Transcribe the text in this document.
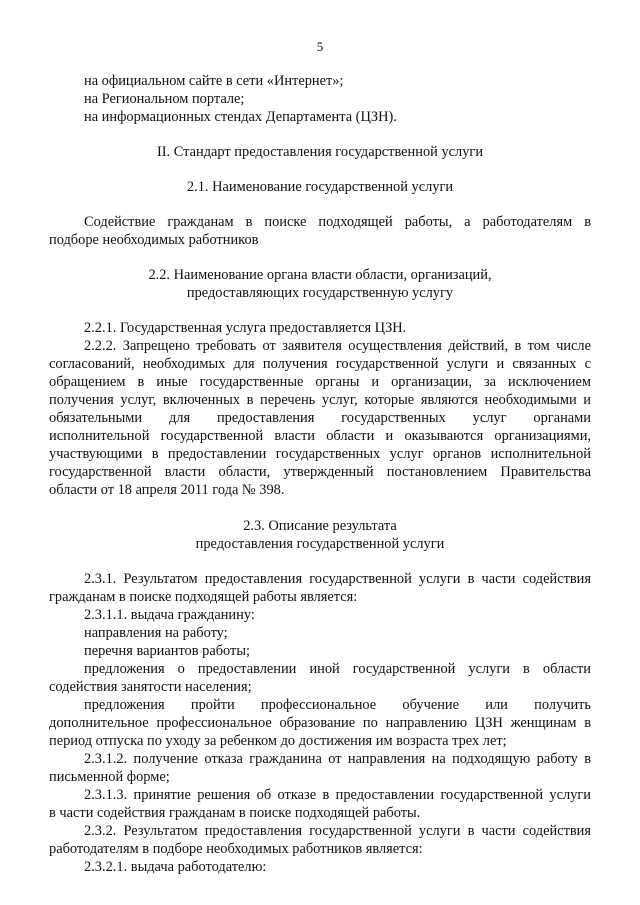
5
на официальном сайте в сети «Интернет»;
на Региональном портале;
на информационных стендах Департамента (ЦЗН).
II. Стандарт предоставления государственной услуги
2.1. Наименование государственной услуги
Содействие гражданам в поиске подходящей работы, а работодателям в
подборе необходимых работников
2.2. Наименование органа власти области, организаций,
предоставляющих государственную услугу
2.2.1. Государственная услуга предоставляется ЦЗН.
2.2.2. Запрещено требовать от заявителя осуществления действий, в том числе
согласований, необходимых для получения государственной услуги и связанных с
обращением в иные государственные органы и организации, за исключением
получения услуг, включенных в перечень услуг, которые являются необходимыми и
обязательными для предоставления государственных услуг органами
исполнительной государственной власти области и оказываются организациями,
участвующими в предоставлении государственных услуг органов исполнительной
государственной власти области, утвержденный постановлением Правительства
области от 18 апреля 2011 года № 398.
2.3. Описание результата
предоставления государственной услуги
2.3.1. Результатом предоставления государственной услуги в части содействия
гражданам в поиске подходящей работы является:
2.3.1.1. выдача гражданину:
направления на работу;
перечня вариантов работы;
предложения о предоставлении иной государственной услуги в области
содействия занятости населения;
предложения пройти профессиональное обучение или получить
дополнительное профессиональное образование по направлению ЦЗН женщинам в
период отпуска по уходу за ребенком до достижения им возраста трех лет;
2.3.1.2. получение отказа гражданина от направления на подходящую работу в
письменной форме;
2.3.1.3. принятие решения об отказе в предоставлении государственной услуги
в части содействия гражданам в поиске подходящей работы.
2.3.2. Результатом предоставления государственной услуги в части содействия
работодателям в подборе необходимых работников является:
2.3.2.1. выдача работодателю:
